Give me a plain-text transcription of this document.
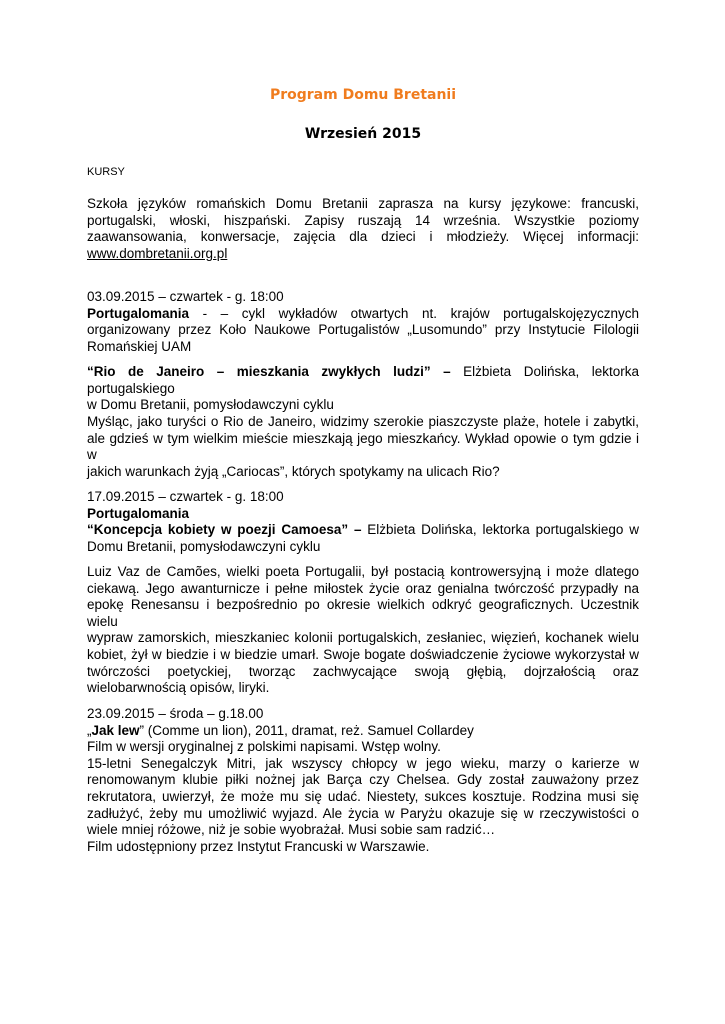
Program Domu Bretanii
Wrzesień 2015
KURSY
Szkoła języków romańskich Domu Bretanii zaprasza na kursy językowe: francuski,
portugalski, włoski, hiszpański. Zapisy ruszają 14 września. Wszystkie poziomy
zaawansowania, konwersacje, zajęcia dla dzieci i młodzieży. Więcej informacji:
www.dombretanii.org.pl
03.09.2015 – czwartek - g. 18:00
Portugalomania - – cykl wykładów otwartych nt. krajów portugalskojęzycznych
organizowany przez Koło Naukowe Portugalistów „Lusomundo” przy Instytucie Filologii
Romańskiej UAM
“Rio de Janeiro – mieszkania zwykłych ludzi” – Elżbieta Dolińska, lektorka portugalskiego
w Domu Bretanii, pomysłodawczyni cyklu
Myśląc, jako turyści o Rio de Janeiro, widzimy szerokie piaszczyste plaże, hotele i zabytki,
ale gdzieś w tym wielkim mieście mieszkają jego mieszkańcy. Wykład opowie o tym gdzie i w
jakich warunkach żyją „Cariocas”, których spotykamy na ulicach Rio?
17.09.2015 – czwartek - g. 18:00
Portugalomania
“Koncepcja kobiety w poezji Camoesa” – Elżbieta Dolińska, lektorka portugalskiego w
Domu Bretanii, pomysłodawczyni cyklu
Luiz Vaz de Camões, wielki poeta Portugalii, był postacią kontrowersyjną i może dlatego
ciekawą. Jego awanturnicze i pełne miłostek życie oraz genialna twórczość przypadły na
epokę Renesansu i bezpośrednio po okresie wielkich odkryć geograficznych. Uczestnik wielu
wypraw zamorskich, mieszkaniec kolonii portugalskich, zesłaniec, więzień, kochanek wielu
kobiet, żył w biedzie i w biedzie umarł. Swoje bogate doświadczenie życiowe wykorzystał w
twórczości poetyckiej, tworząc zachwycające swoją głębią, dojrzałością oraz
wielobarwnością opisów, liryki.
23.09.2015 – środa – g.18.00
„Jak lew” (Comme un lion), 2011, dramat, reż. Samuel Collardey
Film w wersji oryginalnej z polskimi napisami. Wstęp wolny.
15-letni Senegalczyk Mitri, jak wszyscy chłopcy w jego wieku, marzy o karierze w
renomowanym klubie piłki nożnej jak Barça czy Chelsea. Gdy został zauważony przez
rekrutatora, uwierzył, że może mu się udać. Niestety, sukces kosztuje. Rodzina musi się
zadłużyć, żeby mu umożliwić wyjazd. Ale życia w Paryżu okazuje się w rzeczywistości o
wiele mniej różowe, niż je sobie wyobrażał. Musi sobie sam radzić…
Film udostępniony przez Instytut Francuski w Warszawie.
